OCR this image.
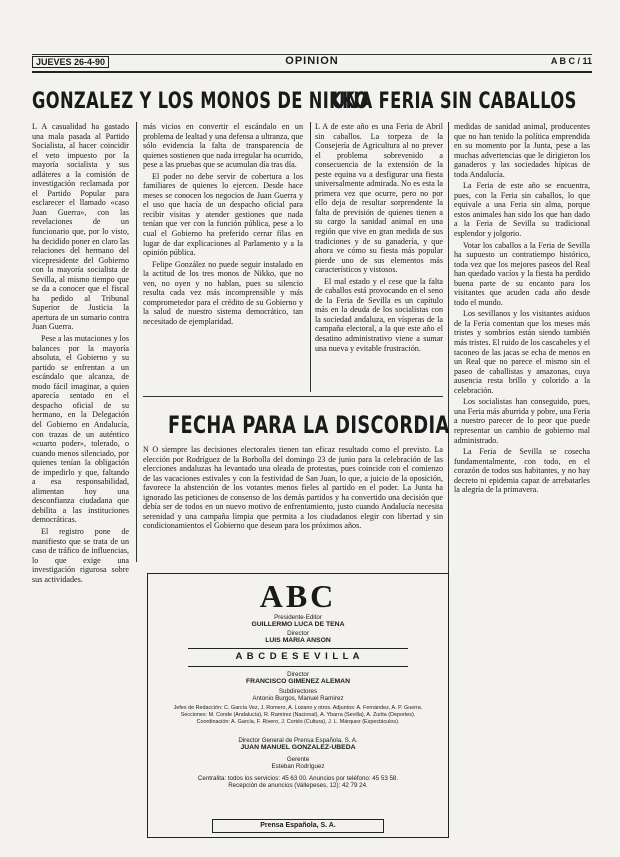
JUEVES 26-4-90	OPINION	A B C / 11
GONZALEZ Y LOS MONOS DE NIKKO

L A casualidad ha gastado una mala pasada al Partido Socialista, al hacer coincidir el veto impuesto por la mayoría socialista y sus adláteres a la comisión de investigación reclamada por el Partido Popular para esclarecer el llamado «caso Juan Guerra», con las revelaciones de un funcionario que, por lo visto, ha decidido poner en claro las relaciones del hermano del vicepresidente del Gobierno con la mayoría socialista de Sevilla, al mismo tiempo que se da a conocer que el fiscal ha pedido al Tribunal Superior de Justicia la apertura de un sumario contra Juan Guerra.

Pese a las mutaciones y los balances por la mayoría absoluta, el Gobierno y su partido se enfrentan a un escándalo que alcanza, de modo fácil imaginar, a quien aparecía sentado en el despacho oficial de su hermano, en la Delegación del Gobierno en Andalucía, con trazas de un auténtico «cuarto poder», tolerado, o cuando menos silenciado, por quienes tenían la obligación de impedirlo y que, faltando a esa responsabilidad, alimentan hoy una desconfianza ciudadana que debilita a las instituciones democráticas.

El registro pone de manifiesto que se trata de un caso de tráfico de influencias, lo que exige una investigación rigurosa sobre sus actividades.

más vicios en convertir el escándalo en un problema de lealtad y una defensa a ultranza, que sólo evidencia la falta de transparencia de quienes sostienen que nada irregular ha ocurrido, pese a las pruebas que se acumulan día tras día.

El poder no debe servir de cobertura a los familiares de quienes lo ejercen. Desde hace meses se conocen los negocios de Juan Guerra y el uso que hacía de un despacho oficial para recibir visitas y atender gestiones que nada tenían que ver con la función pública, pese a lo cual el Gobierno ha preferido cerrar filas en lugar de dar explicaciones al Parlamento y a la opinión pública.

Felipe González no puede seguir instalado en la actitud de los tres monos de Nikko, que no ven, no oyen y no hablan, pues su silencio resulta cada vez más incomprensible y más comprometedor para el crédito de su Gobierno y la salud de nuestro sistema democrático, tan necesitado de ejemplaridad.

UNA FERIA SIN CABALLOS

L A de este año es una Feria de Abril sin caballos. La torpeza de la Consejería de Agricultura al no prever el problema sobrevenido a consecuencia de la extensión de la peste equina va a desfigurar una fiesta universalmente admirada. No es esta la primera vez que ocurre, pero no por ello deja de resultar sorprendente la falta de previsión de quienes tienen a su cargo la sanidad animal en una región que vive en gran medida de sus tradiciones y de su ganadería, y que ahora ve cómo su fiesta más popular pierde uno de sus elementos más característicos y vistosos.

El mal estado y el cese que la falta de caballos está provocando en el seno de la Feria de Sevilla es un capítulo más en la deuda de los socialistas con la sociedad andaluza, en vísperas de la campaña electoral, a la que este año el desatino administrativo viene a sumar una nueva y evitable frustración.

medidas de sanidad animal, producentes que no han tenido la política emprendida en su momento por la Junta, pese a las muchas advertencias que le dirigieron los ganaderos y las sociedades hípicas de toda Andalucía.

La Feria de este año se encuentra, pues, con la Feria sin caballos, lo que equivale a una Feria sin alma, porque estos animales han sido los que han dado a la Feria de Sevilla su tradicional esplendor y jolgorio.

Votar los caballos a la Feria de Sevilla ha supuesto un contratiempo histórico, toda vez que los mejores paseos del Real han quedado vacíos y la fiesta ha perdido buena parte de su encanto para los visitantes que acuden cada año desde todo el mundo.

Los sevillanos y los visitantes asiduos de la Feria comentan que los meses más tristes y sombríos están siendo también más tristes. El ruido de los cascabeles y el taconeo de las jacas se echa de menos en un Real que no parece el mismo sin el paseo de caballistas y amazonas, cuya ausencia resta brillo y colorido a la celebración.

Los socialistas han conseguido, pues, una Feria más aburrida y pobre, una Feria a nuestro parecer de lo peor que puede representar un cambio de gobierno mal administrado.

La Feria de Sevilla se cosecha fundamentalmente, con todo, en el corazón de todos sus habitantes, y no hay decreto ni epidemia capaz de arrebatarles la alegría de la primavera.

FECHA PARA LA DISCORDIA

N O siempre las decisiones electorales tienen tan eficaz resultado como el previsto. La elección por Rodríguez de la Borbolla del domingo 23 de junio para la celebración de las elecciones andaluzas ha levantado una oleada de protestas, pues coincide con el comienzo de las vacaciones estivales y con la festividad de San Juan, lo que, a juicio de la oposición, favorece la abstención de los votantes menos fieles al partido en el poder. La Junta ha ignorado las peticiones de consenso de los demás partidos y ha convertido una decisión que debía ser de todos en un nuevo motivo de enfrentamiento, justo cuando Andalucía necesita serenidad y una campaña limpia que permita a los ciudadanos elegir con libertad y sin condicionamientos el Gobierno que desean para los próximos años.

ABC
Presidente-Editor
GUILLERMO LUCA DE TENA
Director
LUIS MARIA ANSON
A B C D E S E V I L L A
Director
FRANCISCO GIMENEZ ALEMAN
Subdirectores
Antonio Burgos, Manuel Ramírez
Jefes de Redacción: C. García Vez, J. Romero, A. Lozano y otros. Adjuntos: A. Fernández, A. P. Guerra.
Secciones: M. Conde (Andalucía), R. Ramírez (Nacional), A. Ybarra (Sevilla), A. Zurita (Deportes).
Coordinación: A. García, F. Rivero, J. Cortés (Cultura), J. L. Márquez (Espectáculos).
Director General de Prensa Española, S. A.
JUAN MANUEL GONZALEZ-UBEDA
Gerente
Esteban Rodríguez
Centralita: todos los servicios: 45 63 00. Anuncios por teléfono: 45 53 58.
Recepción de anuncios (Vallepeses, 12): 42 79 24.
Prensa Española, S. A.
